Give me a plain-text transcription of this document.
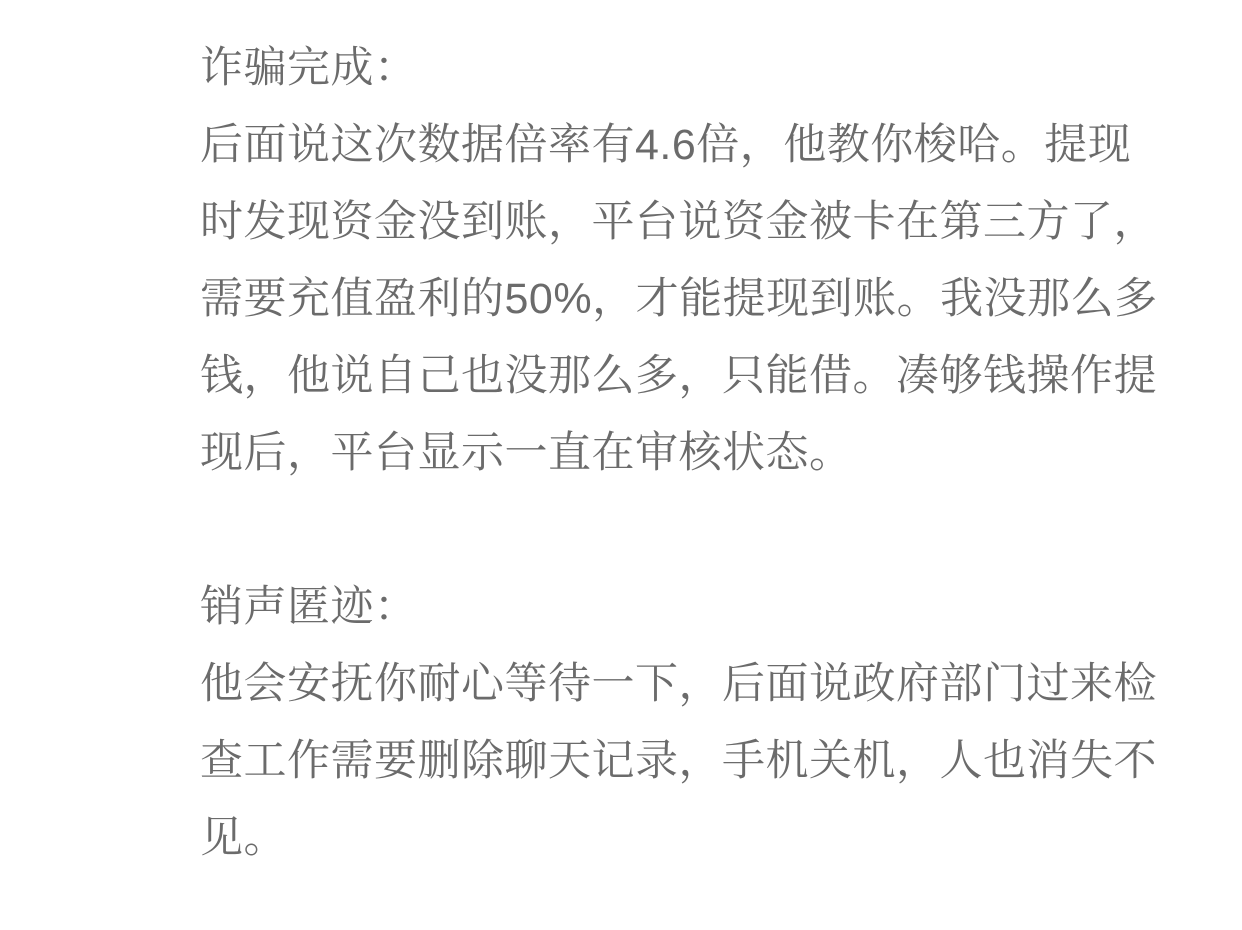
诈骗完成：

后面说这次数据倍率有4.6倍，他教你梭哈。提现时发现资金没到账，平台说资金被卡在第三方了，需要充值盈利的50%，才能提现到账。我没那么多钱，他说自己也没那么多，只能借。凑够钱操作提现后，平台显示一直在审核状态。

销声匿迹：

他会安抚你耐心等待一下，后面说政府部门过来检查工作需要删除聊天记录，手机关机，人也消失不见。
